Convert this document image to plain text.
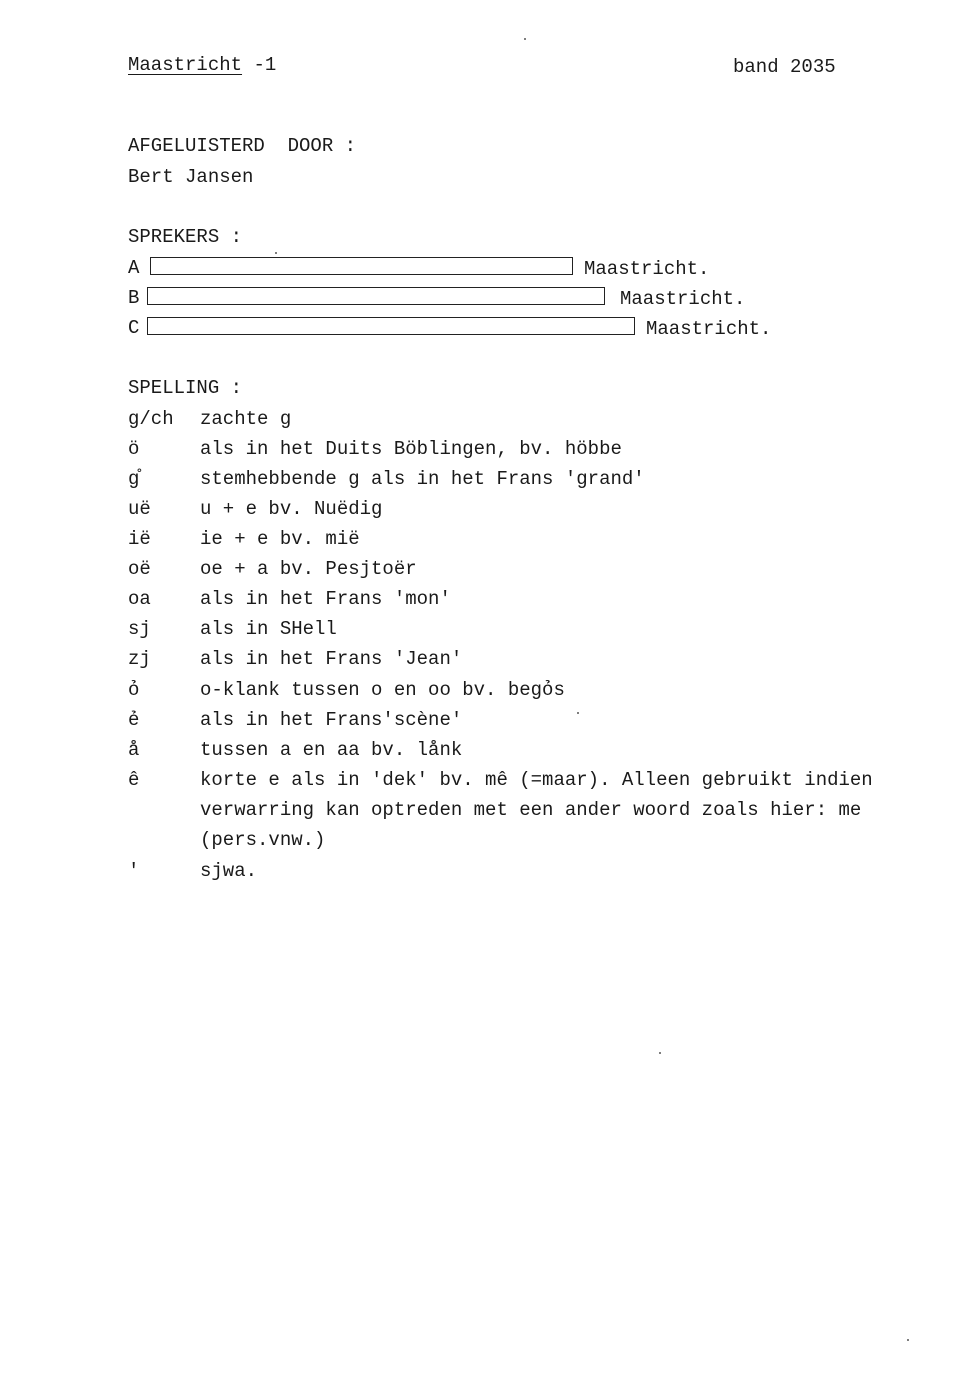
Maastricht -1	band 2035
AFGELUISTERD  DOOR :
Bert Jansen
SPREKERS :
A	Maastricht.
B	Maastricht.
C	Maastricht.
SPELLING :
g/ch	zachte g
ö	als in het Duits Böblingen, bv. höbbe
g̊	stemhebbende g als in het Frans 'grand'
uë	u + e bv. Nuëdig
ië	ie + e bv. mië
oë	oe + a bv. Pesjtoër
oa	als in het Frans 'mon'
sj	als in SHell
zj	als in het Frans 'Jean'
ỏ	o-klank tussen o en oo bv. begỏs
ẻ	als in het Frans'scène'
å	tussen a en aa bv. lånk
ê	korte e als in 'dek' bv. mê (=maar). Alleen gebruikt indien verwarring kan optreden met een ander woord zoals hier: me (pers.vnw.)
'	sjwa.
